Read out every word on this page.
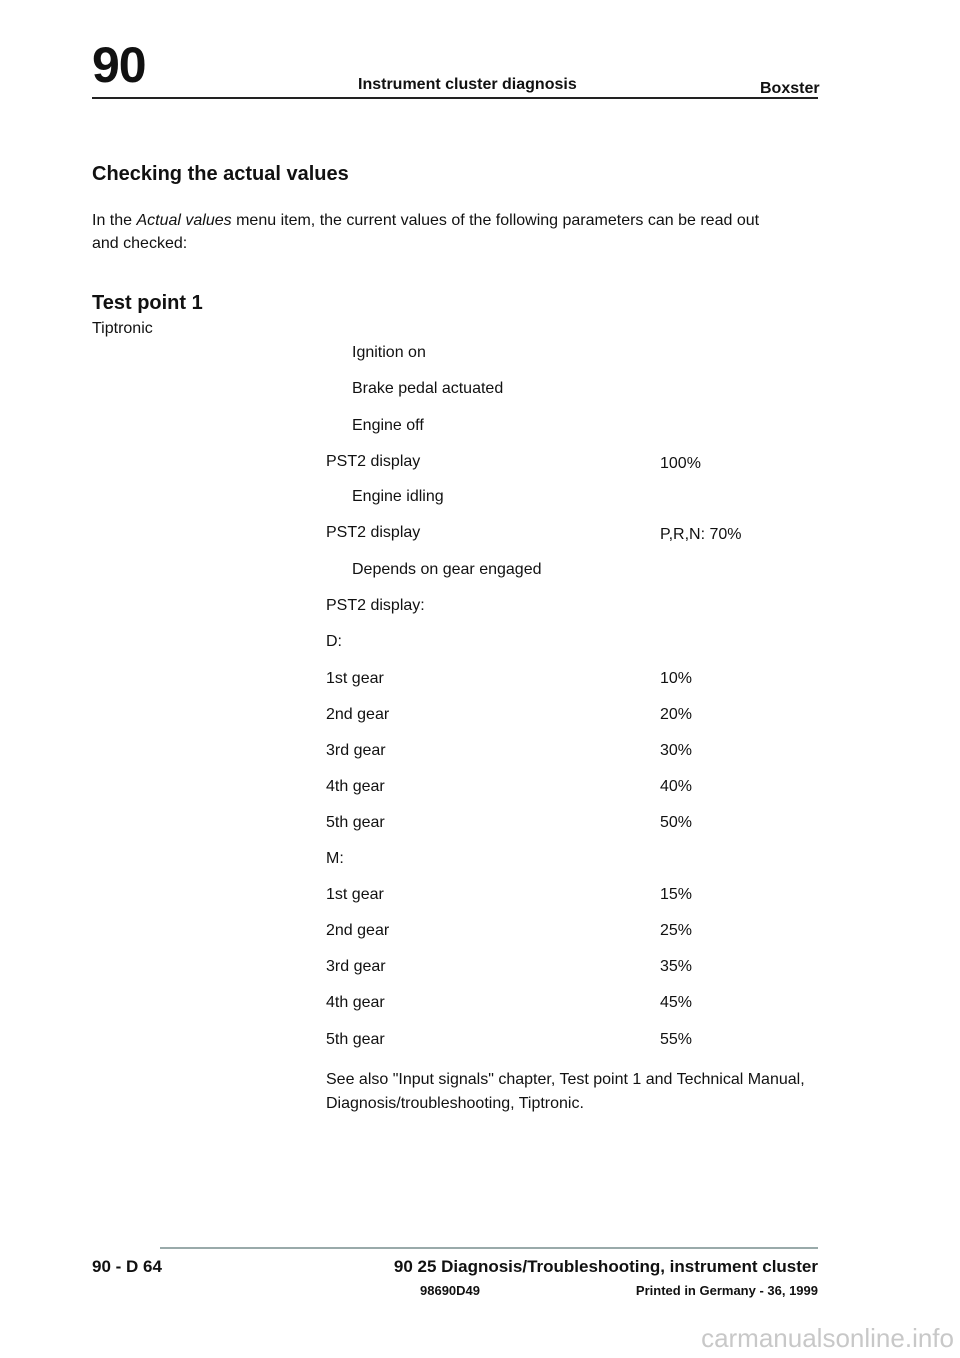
90	Instrument cluster diagnosis	Boxster
Checking the actual values
In the Actual values menu item, the current values of the following parameters can be read out and checked:
Test point 1
Tiptronic
Ignition on
Brake pedal actuated
Engine off
PST2 display	100%
Engine idling
PST2 display	P,R,N: 70%
Depends on gear engaged
PST2 display:
D:
1st gear	10%
2nd gear	20%
3rd gear	30%
4th gear	40%
5th gear	50%
M:
1st gear	15%
2nd gear	25%
3rd gear	35%
4th gear	45%
5th gear	55%
See also "Input signals" chapter, Test point 1 and Technical Manual, Diagnosis/troubleshooting, Tiptronic.
90 - D 64	90 25 Diagnosis/Troubleshooting, instrument cluster
98690D49	Printed in Germany - 36, 1999
carmanualsonline.info
